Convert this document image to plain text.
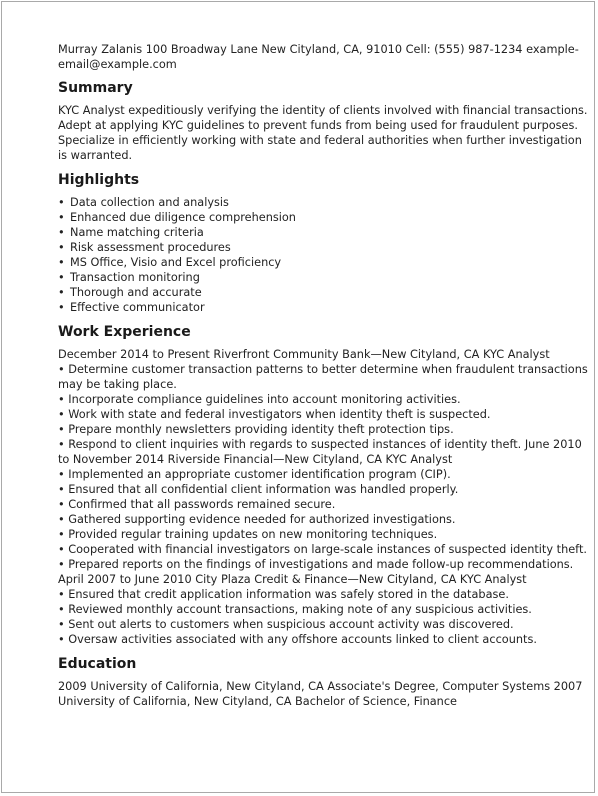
Murray Zalanis 100 Broadway Lane New Cityland, CA, 91010 Cell: (555) 987-1234 example-email@example.com
Summary
KYC Analyst expeditiously verifying the identity of clients involved with financial transactions. Adept at applying KYC guidelines to prevent funds from being used for fraudulent purposes. Specialize in efficiently working with state and federal authorities when further investigation is warranted.
Highlights
• Data collection and analysis
• Enhanced due diligence comprehension
• Name matching criteria
• Risk assessment procedures
• MS Office, Visio and Excel proficiency
• Transaction monitoring
• Thorough and accurate
• Effective communicator
Work Experience
December 2014 to Present Riverfront Community Bank—New Cityland, CA KYC Analyst
• Determine customer transaction patterns to better determine when fraudulent transactions may be taking place.
• Incorporate compliance guidelines into account monitoring activities.
• Work with state and federal investigators when identity theft is suspected.
• Prepare monthly newsletters providing identity theft protection tips.
• Respond to client inquiries with regards to suspected instances of identity theft. June 2010 to November 2014 Riverside Financial—New Cityland, CA KYC Analyst
• Implemented an appropriate customer identification program (CIP).
• Ensured that all confidential client information was handled properly.
• Confirmed that all passwords remained secure.
• Gathered supporting evidence needed for authorized investigations.
• Provided regular training updates on new monitoring techniques.
• Cooperated with financial investigators on large-scale instances of suspected identity theft.
• Prepared reports on the findings of investigations and made follow-up recommendations. April 2007 to June 2010 City Plaza Credit & Finance—New Cityland, CA KYC Analyst
• Ensured that credit application information was safely stored in the database.
• Reviewed monthly account transactions, making note of any suspicious activities.
• Sent out alerts to customers when suspicious account activity was discovered.
• Oversaw activities associated with any offshore accounts linked to client accounts.
Education
2009 University of California, New Cityland, CA Associate's Degree, Computer Systems 2007 University of California, New Cityland, CA Bachelor of Science, Finance
